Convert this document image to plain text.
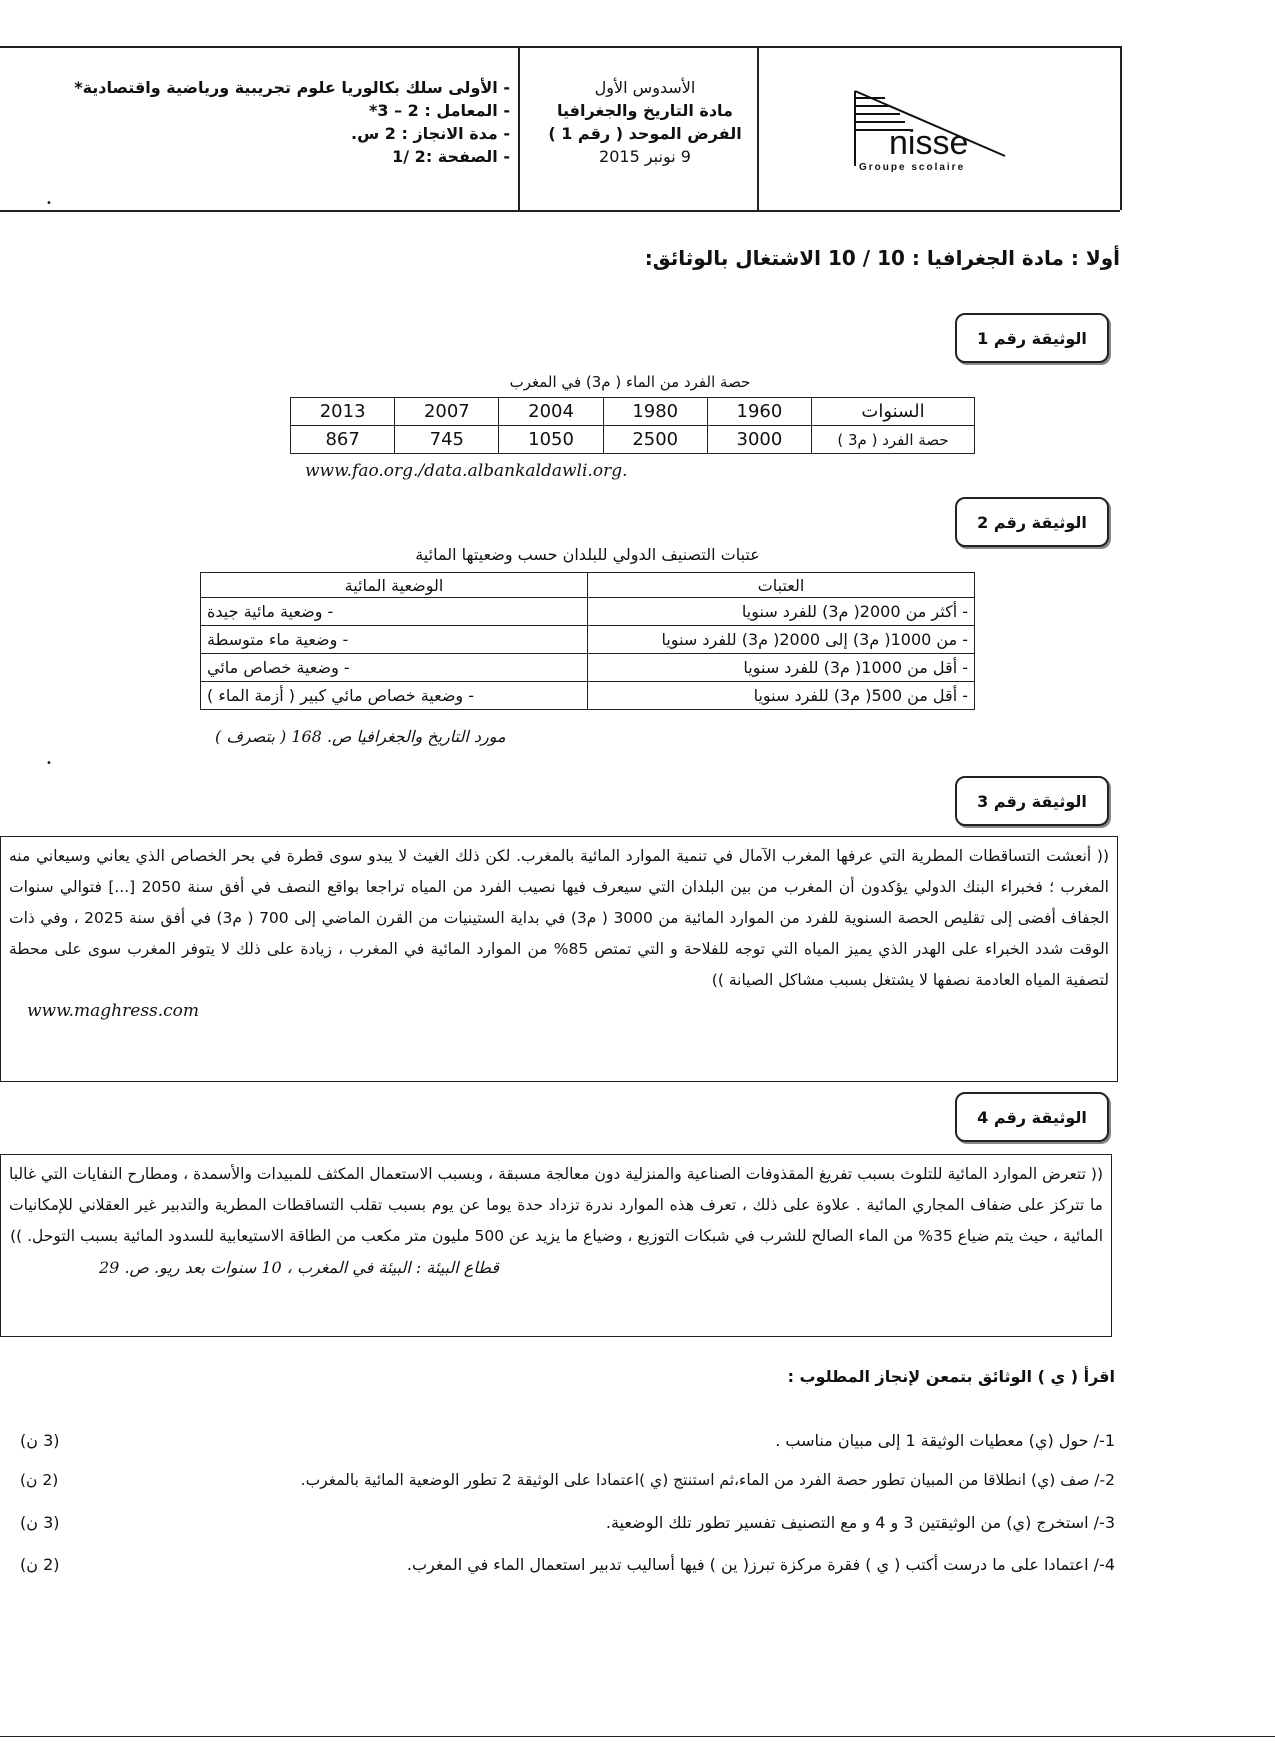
- الأولى سلك بكالوريا علوم تجريبية ورياضية واقتصادية*
- المعامل : 2 – 3*
- مدة الانجاز : 2 س.
- الصفحة :2 /1
الأسدوس الأول
مادة التاريخ والجغرافيا
الفرض الموحد ( رقم 1 )
9 نونبر 2015	nisse
Groupe scolaire
•
أولا : مادة الجغرافيا : 10 / 10 الاشتغال بالوثائق:
الوثيقة رقم 1
حصة الفرد من الماء ( م3) في المغرب
السنوات	1960	1980	2004	2007	2013
حصة الفرد ( م3 )	3000	2500	1050	745	867
www.fao.org./data.albankaldawli.org.
الوثيقة رقم 2
عتبات التصنيف الدولي للبلدان حسب وضعيتها المائية
العتبات	الوضعية المائية
- أكثر من 2000( م3) للفرد سنويا	- وضعية مائية جيدة
- من 1000( م3) إلى 2000( م3) للفرد سنويا	- وضعية ماء متوسطة
- أقل من 1000( م3) للفرد سنويا	- وضعية خصاص مائي
- أقل من 500( م3) للفرد سنويا	- وضعية خصاص مائي كبير ( أزمة الماء )
مورد التاريخ والجغرافيا ص. 168 ( بتصرف )
•
الوثيقة رقم 3
(( أنعشت التساقطات المطرية التي عرفها المغرب الآمال في تنمية الموارد المائية بالمغرب. لكن ذلك الغيث لا يبدو سوى قطرة في بحر الخصاص الذي يعاني وسيعاني منه المغرب ؛ فخبراء البنك الدولي يؤكدون أن المغرب من بين البلدان التي سيعرف فيها نصيب الفرد من المياه تراجعا بواقع النصف في أفق سنة 2050 [...] فتوالي سنوات الجفاف أفضى إلى تقليص الحصة السنوية للفرد من الموارد المائية من 3000 ( م3) في بداية الستينيات من القرن الماضي إلى 700 ( م3) في أفق سنة 2025 ، وفي ذات الوقت شدد الخبراء على الهدر الذي يميز المياه التي توجه للفلاحة و التي تمتص 85% من الموارد المائية في المغرب ، زيادة على ذلك لا يتوفر المغرب سوى على محطة لتصفية المياه العادمة نصفها لا يشتغل بسبب مشاكل الصيانة ))
www.maghress.com
الوثيقة رقم 4
(( تتعرض الموارد المائية للتلوث بسبب تفريغ المقذوفات الصناعية والمنزلية دون معالجة مسبقة ، وبسبب الاستعمال المكثف للمبيدات والأسمدة ، ومطارح النفايات التي غالبا ما تتركز على ضفاف المجاري المائية . علاوة على ذلك ، تعرف هذه الموارد ندرة تزداد حدة يوما عن يوم بسبب تقلب التساقطات المطرية والتدبير غير العقلاني للإمكانيات المائية ، حيث يتم ضياع 35% من الماء الصالح للشرب في شبكات التوزيع ، وضياع ما يزيد عن 500 مليون متر مكعب من الطاقة الاستيعابية للسدود المائية بسبب التوحل. ))
قطاع البيئة : البيئة في المغرب ، 10 سنوات بعد ريو. ص. 29
اقرأ ( ي ) الوثائق بتمعن لإنجاز المطلوب :
1-/ حول (ي) معطيات الوثيقة 1 إلى مبيان مناسب .
(3 ن)
2-/ صف (ي) انطلاقا من المبيان تطور حصة الفرد من الماء،ثم استنتج (ي )اعتمادا على الوثيقة 2 تطور الوضعية المائية بالمغرب.
(2 ن)
3-/ استخرج (ي) من الوثيقتين 3 و 4 و مع التصنيف تفسير تطور تلك الوضعية.
(3 ن)
4-/ اعتمادا على ما درست أكتب ( ي ) فقرة مركزة تبرز( ين ) فيها أساليب تدبير استعمال الماء في المغرب.
(2 ن)
